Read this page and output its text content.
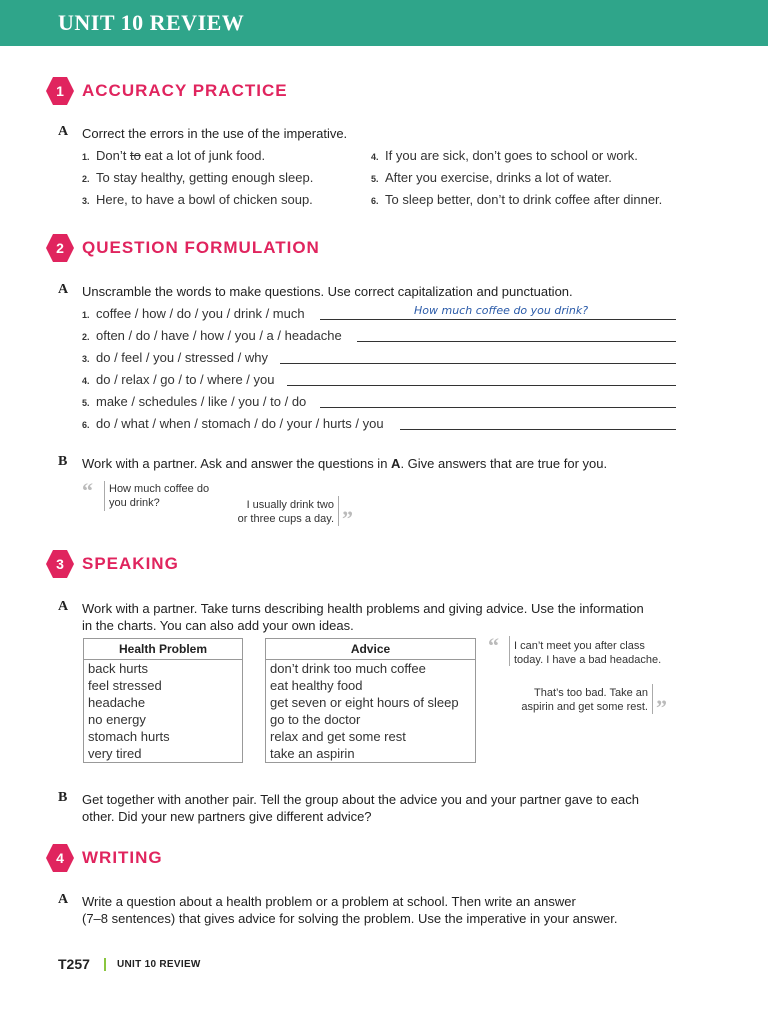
UNIT 10 REVIEW
1	ACCURACY PRACTICE
A Correct the errors in the use of the imperative.
1. Don’t to eat a lot of junk food.
2. To stay healthy, getting enough sleep.
3. Here, to have a bowl of chicken soup.
4. If you are sick, don’t goes to school or work.
5. After you exercise, drinks a lot of water.
6. To sleep better, don’t to drink coffee after dinner.
2	QUESTION FORMULATION
A Unscramble the words to make questions. Use correct capitalization and punctuation.
1. coffee / how / do / you / drink / much	How much coffee do you drink?
2. often / do / have / how / you / a / headache
3. do / feel / you / stressed / why
4. do / relax / go / to / where / you
5. make / schedules / like / you / to / do
6. do / what / when / stomach / do / your / hurts / you
B Work with a partner. Ask and answer the questions in A. Give answers that are true for you.
“ How much coffee do
you drink?	I usually drink two
or three cups a day. ”
3	SPEAKING
A Work with a partner. Take turns describing health problems and giving advice. Use the information
in the charts. You can also add your own ideas.
Health Problem
back hurts
feel stressed
headache
no energy
stomach hurts
very tired
Advice
don’t drink too much coffee
eat healthy food
get seven or eight hours of sleep
go to the doctor
relax and get some rest
take an aspirin
“ I can’t meet you after class
today. I have a bad headache.
That’s too bad. Take an
aspirin and get some rest. ”
B Get together with another pair. Tell the group about the advice you and your partner gave to each
other. Did your new partners give different advice?
4	WRITING
A Write a question about a health problem or a problem at school. Then write an answer
(7–8 sentences) that gives advice for solving the problem. Use the imperative in your answer.
T257	UNIT 10 REVIEW
